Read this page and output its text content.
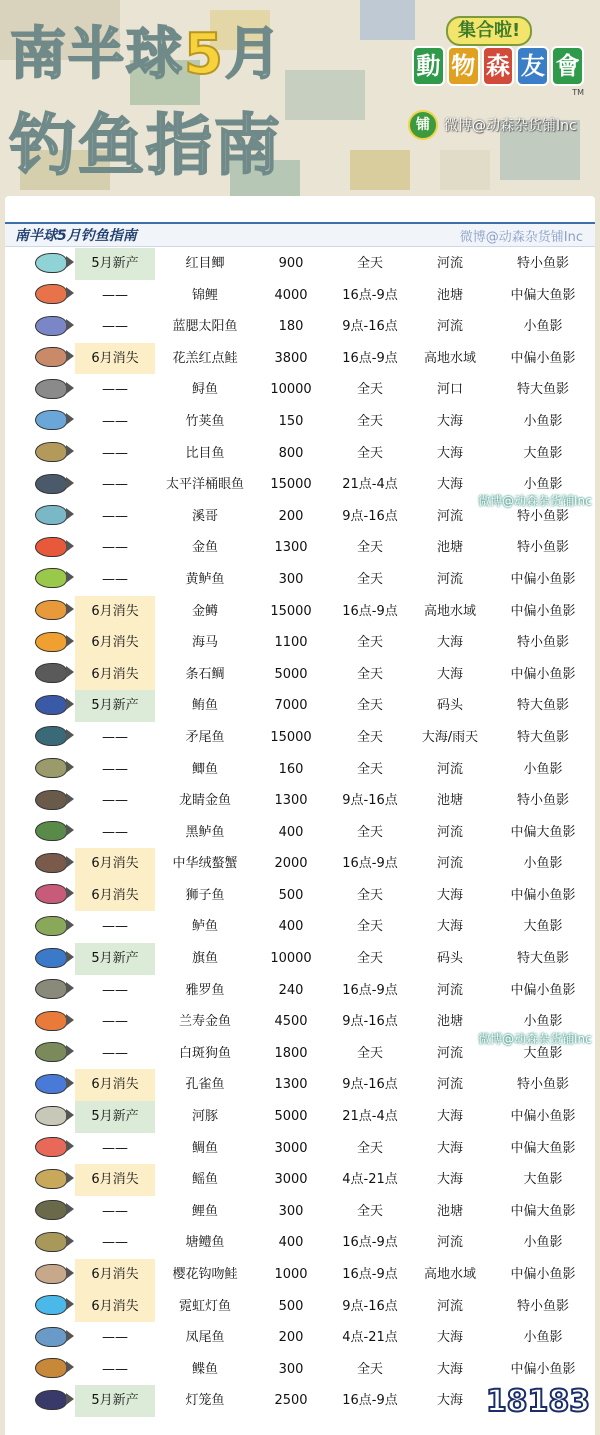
南半球5月
钓鱼指南
集合啦!
動 物 森 友 會
TM
铺	微博@动森杂货铺Inc
南半球5月钓鱼指南	微博@动森杂货铺Inc
5月新产	红目鲫	900	全天	河流	特小鱼影
——	锦鲤	4000	16点-9点	池塘	中偏大鱼影
——	蓝腮太阳鱼	180	9点-16点	河流	小鱼影
6月消失	花羔红点鲑	3800	16点-9点	高地水域	中偏小鱼影
——	鲟鱼	10000	全天	河口	特大鱼影
——	竹荚鱼	150	全天	大海	小鱼影
——	比目鱼	800	全天	大海	大鱼影
——	太平洋桶眼鱼	15000	21点-4点	大海	小鱼影
——	溪哥	200	9点-16点	河流	特小鱼影
——	金鱼	1300	全天	池塘	特小鱼影
——	黄鲈鱼	300	全天	河流	中偏小鱼影
6月消失	金鳟	15000	16点-9点	高地水域	中偏小鱼影
6月消失	海马	1100	全天	大海	特小鱼影
6月消失	条石鲷	5000	全天	大海	中偏小鱼影
5月新产	鲔鱼	7000	全天	码头	特大鱼影
——	矛尾鱼	15000	全天	大海/雨天	特大鱼影
——	鲫鱼	160	全天	河流	小鱼影
——	龙睛金鱼	1300	9点-16点	池塘	特小鱼影
——	黑鲈鱼	400	全天	河流	中偏大鱼影
6月消失	中华绒螯蟹	2000	16点-9点	河流	小鱼影
6月消失	狮子鱼	500	全天	大海	中偏小鱼影
——	鲈鱼	400	全天	大海	大鱼影
5月新产	旗鱼	10000	全天	码头	特大鱼影
——	雅罗鱼	240	16点-9点	河流	中偏小鱼影
——	兰寿金鱼	4500	9点-16点	池塘	小鱼影
——	白斑狗鱼	1800	全天	河流	大鱼影
6月消失	孔雀鱼	1300	9点-16点	河流	特小鱼影
5月新产	河豚	5000	21点-4点	大海	中偏小鱼影
——	鲷鱼	3000	全天	大海	中偏大鱼影
6月消失	鳐鱼	3000	4点-21点	大海	大鱼影
——	鲤鱼	300	全天	池塘	中偏大鱼影
——	塘鳢鱼	400	16点-9点	河流	小鱼影
6月消失	樱花钩吻鲑	1000	16点-9点	高地水域	中偏小鱼影
6月消失	霓虹灯鱼	500	9点-16点	河流	特小鱼影
——	凤尾鱼	200	4点-21点	大海	小鱼影
——	鲽鱼	300	全天	大海	中偏小鱼影
5月新产	灯笼鱼	2500	16点-9点	大海
微博@动森杂货铺Inc
微博@动森杂货铺Inc
18183
